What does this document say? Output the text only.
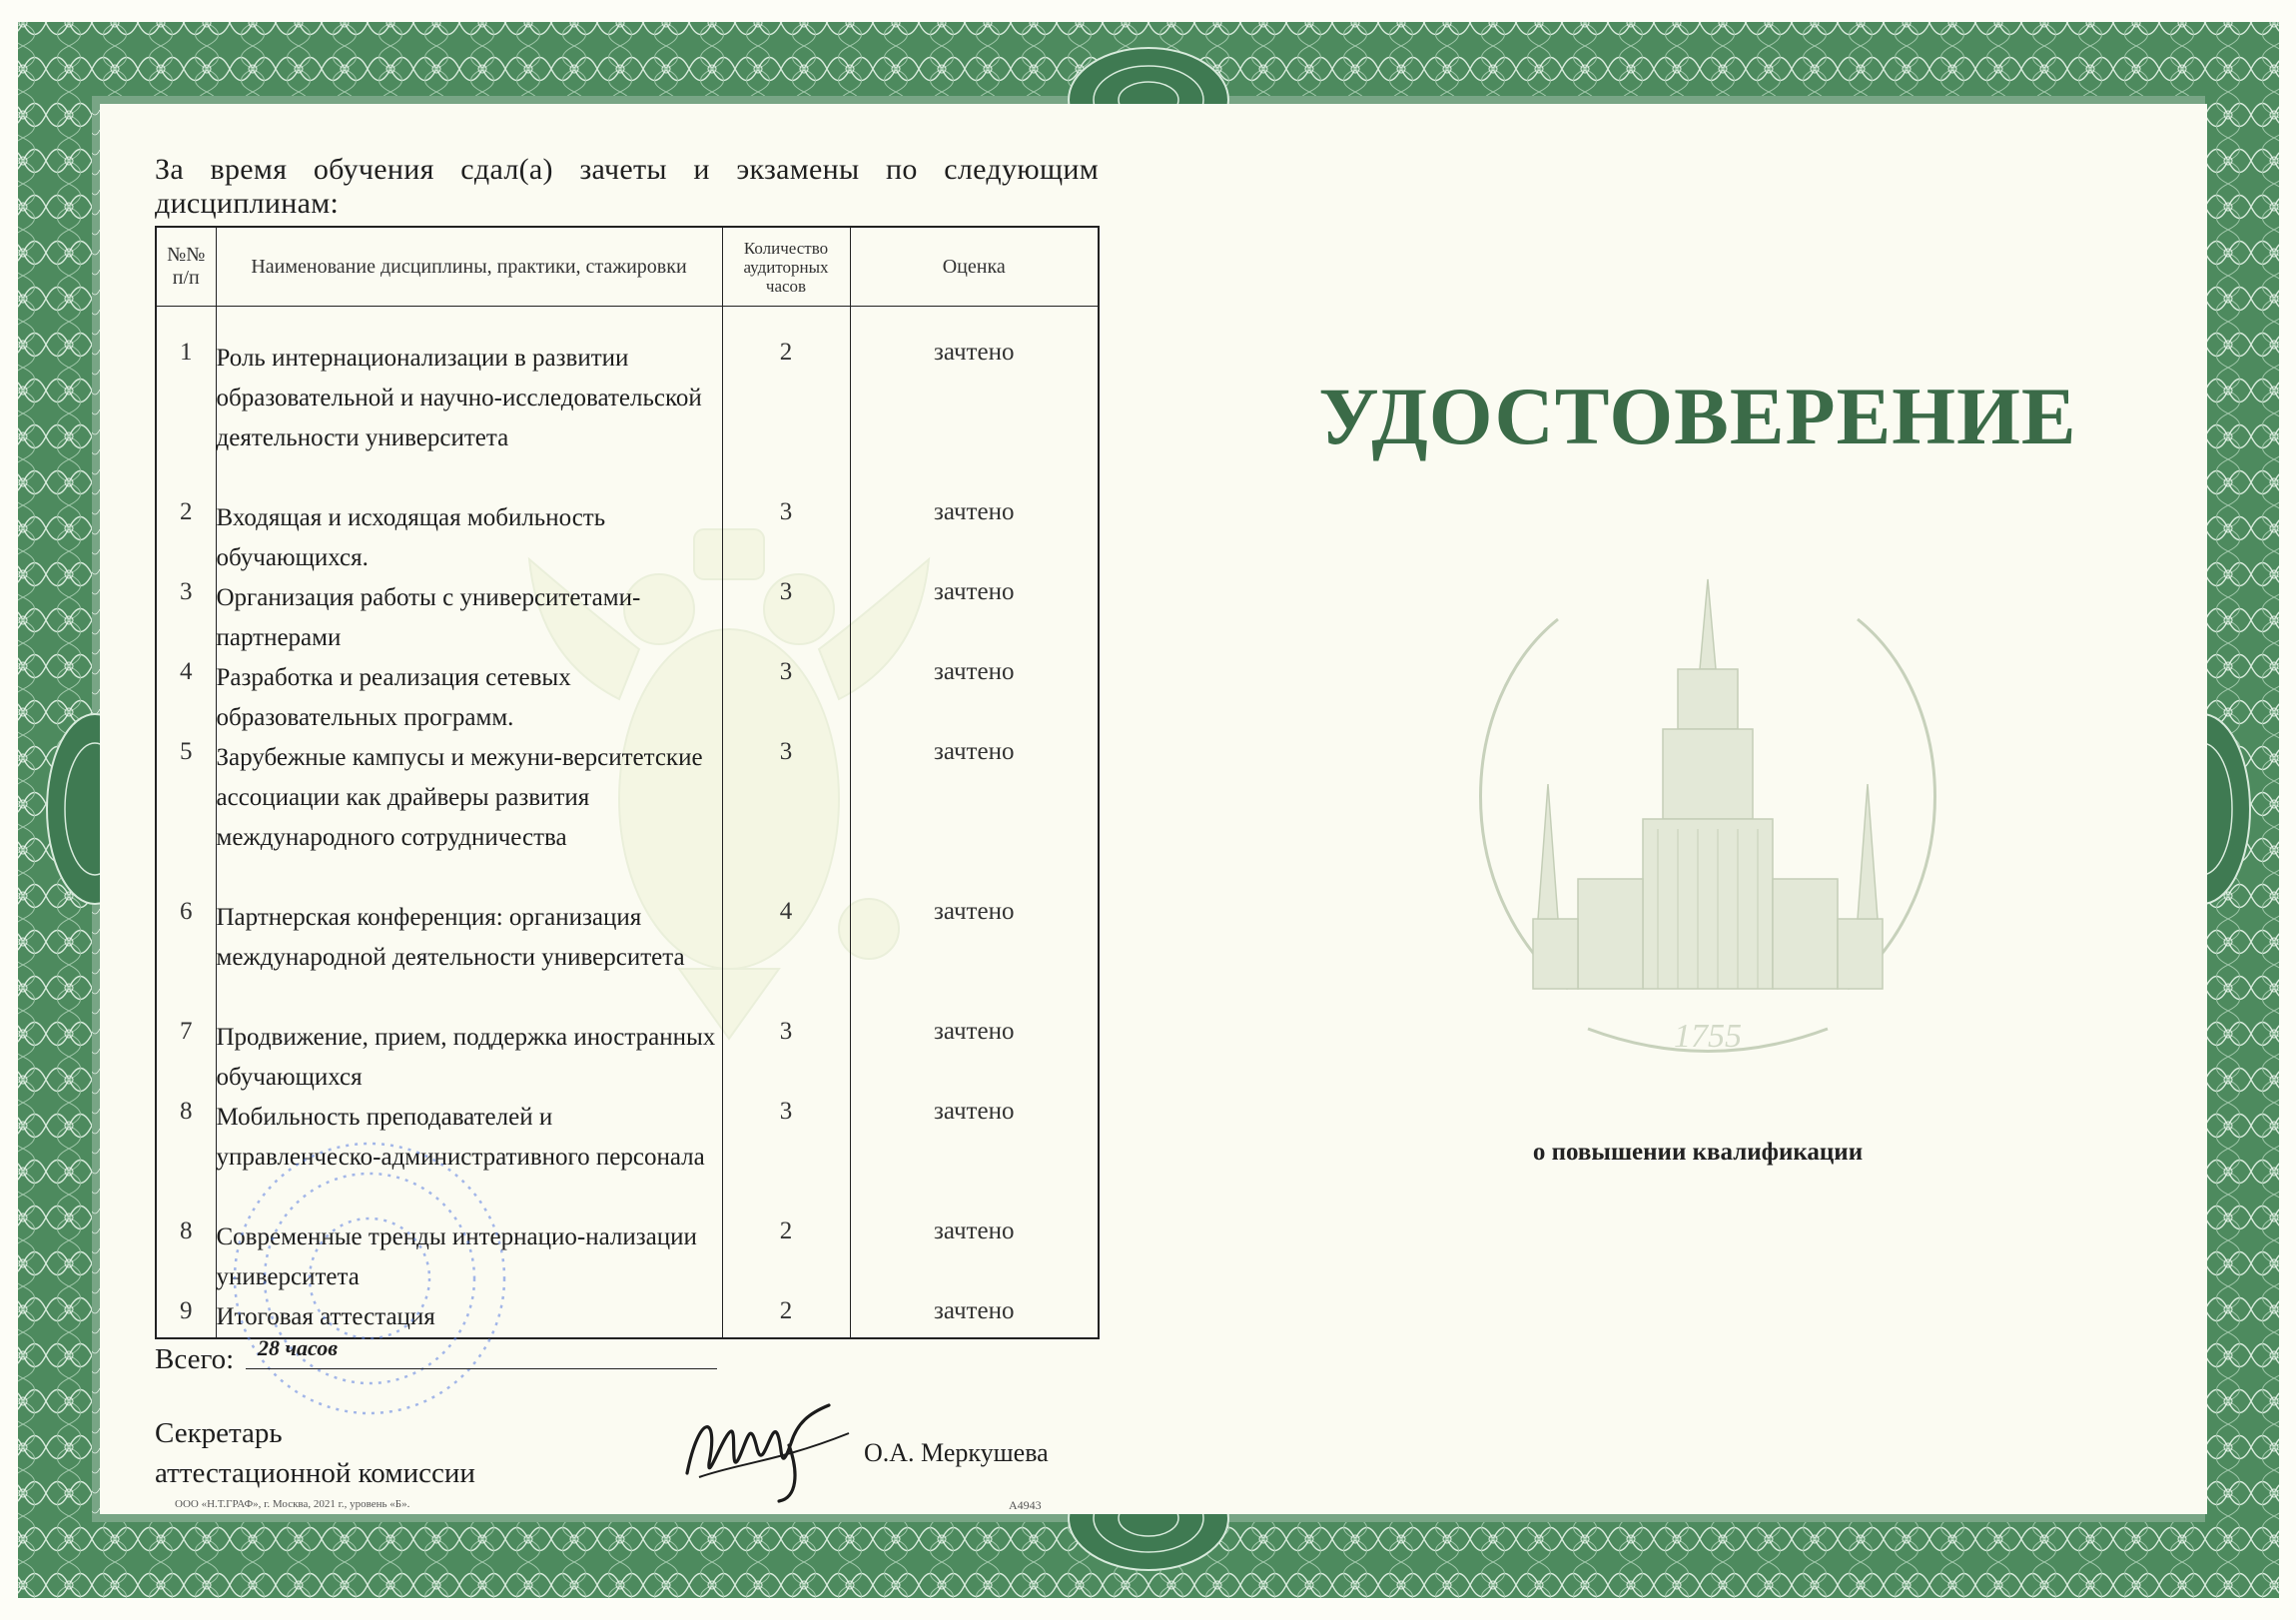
За время обучения сдал(а) зачеты и экзамены по следующим дисциплинам:
№№ п/п	Наименование дисциплины, практики, стажировки	Количество аудиторных часов	Оценка

1	Роль интернационализации в развитии образовательной и научно-исследовательской деятельности университета	2	зачтено
2	Входящая и исходящая мобильность обучающихся.	3	зачтено
3	Организация работы с университетами-партнерами	3	зачтено
4	Разработка и реализация сетевых образовательных программ.	3	зачтено
5	Зарубежные кампусы и межуни-верситетские ассоциации как драйверы развития международного сотрудничества	3	зачтено
6	Партнерская конференция: организация международной деятельности университета	4	зачтено
7	Продвижение, прием, поддержка иностранных обучающихся	3	зачтено
8	Мобильность преподавателей и управленческо-административного персонала	3	зачтено
8	Современные тренды интернацио-нализации университета	2	зачтено
9	Итоговая аттестация	2	зачтено
Всего: 28 часов
Секретарь
аттестационной комиссии
О.А. Меркушева
ООО «Н.Т.ГРАФ», г. Москва, 2021 г., уровень «Б».	А4943
УДОСТОВЕРЕНИЕ
1755
о повышении квалификации
